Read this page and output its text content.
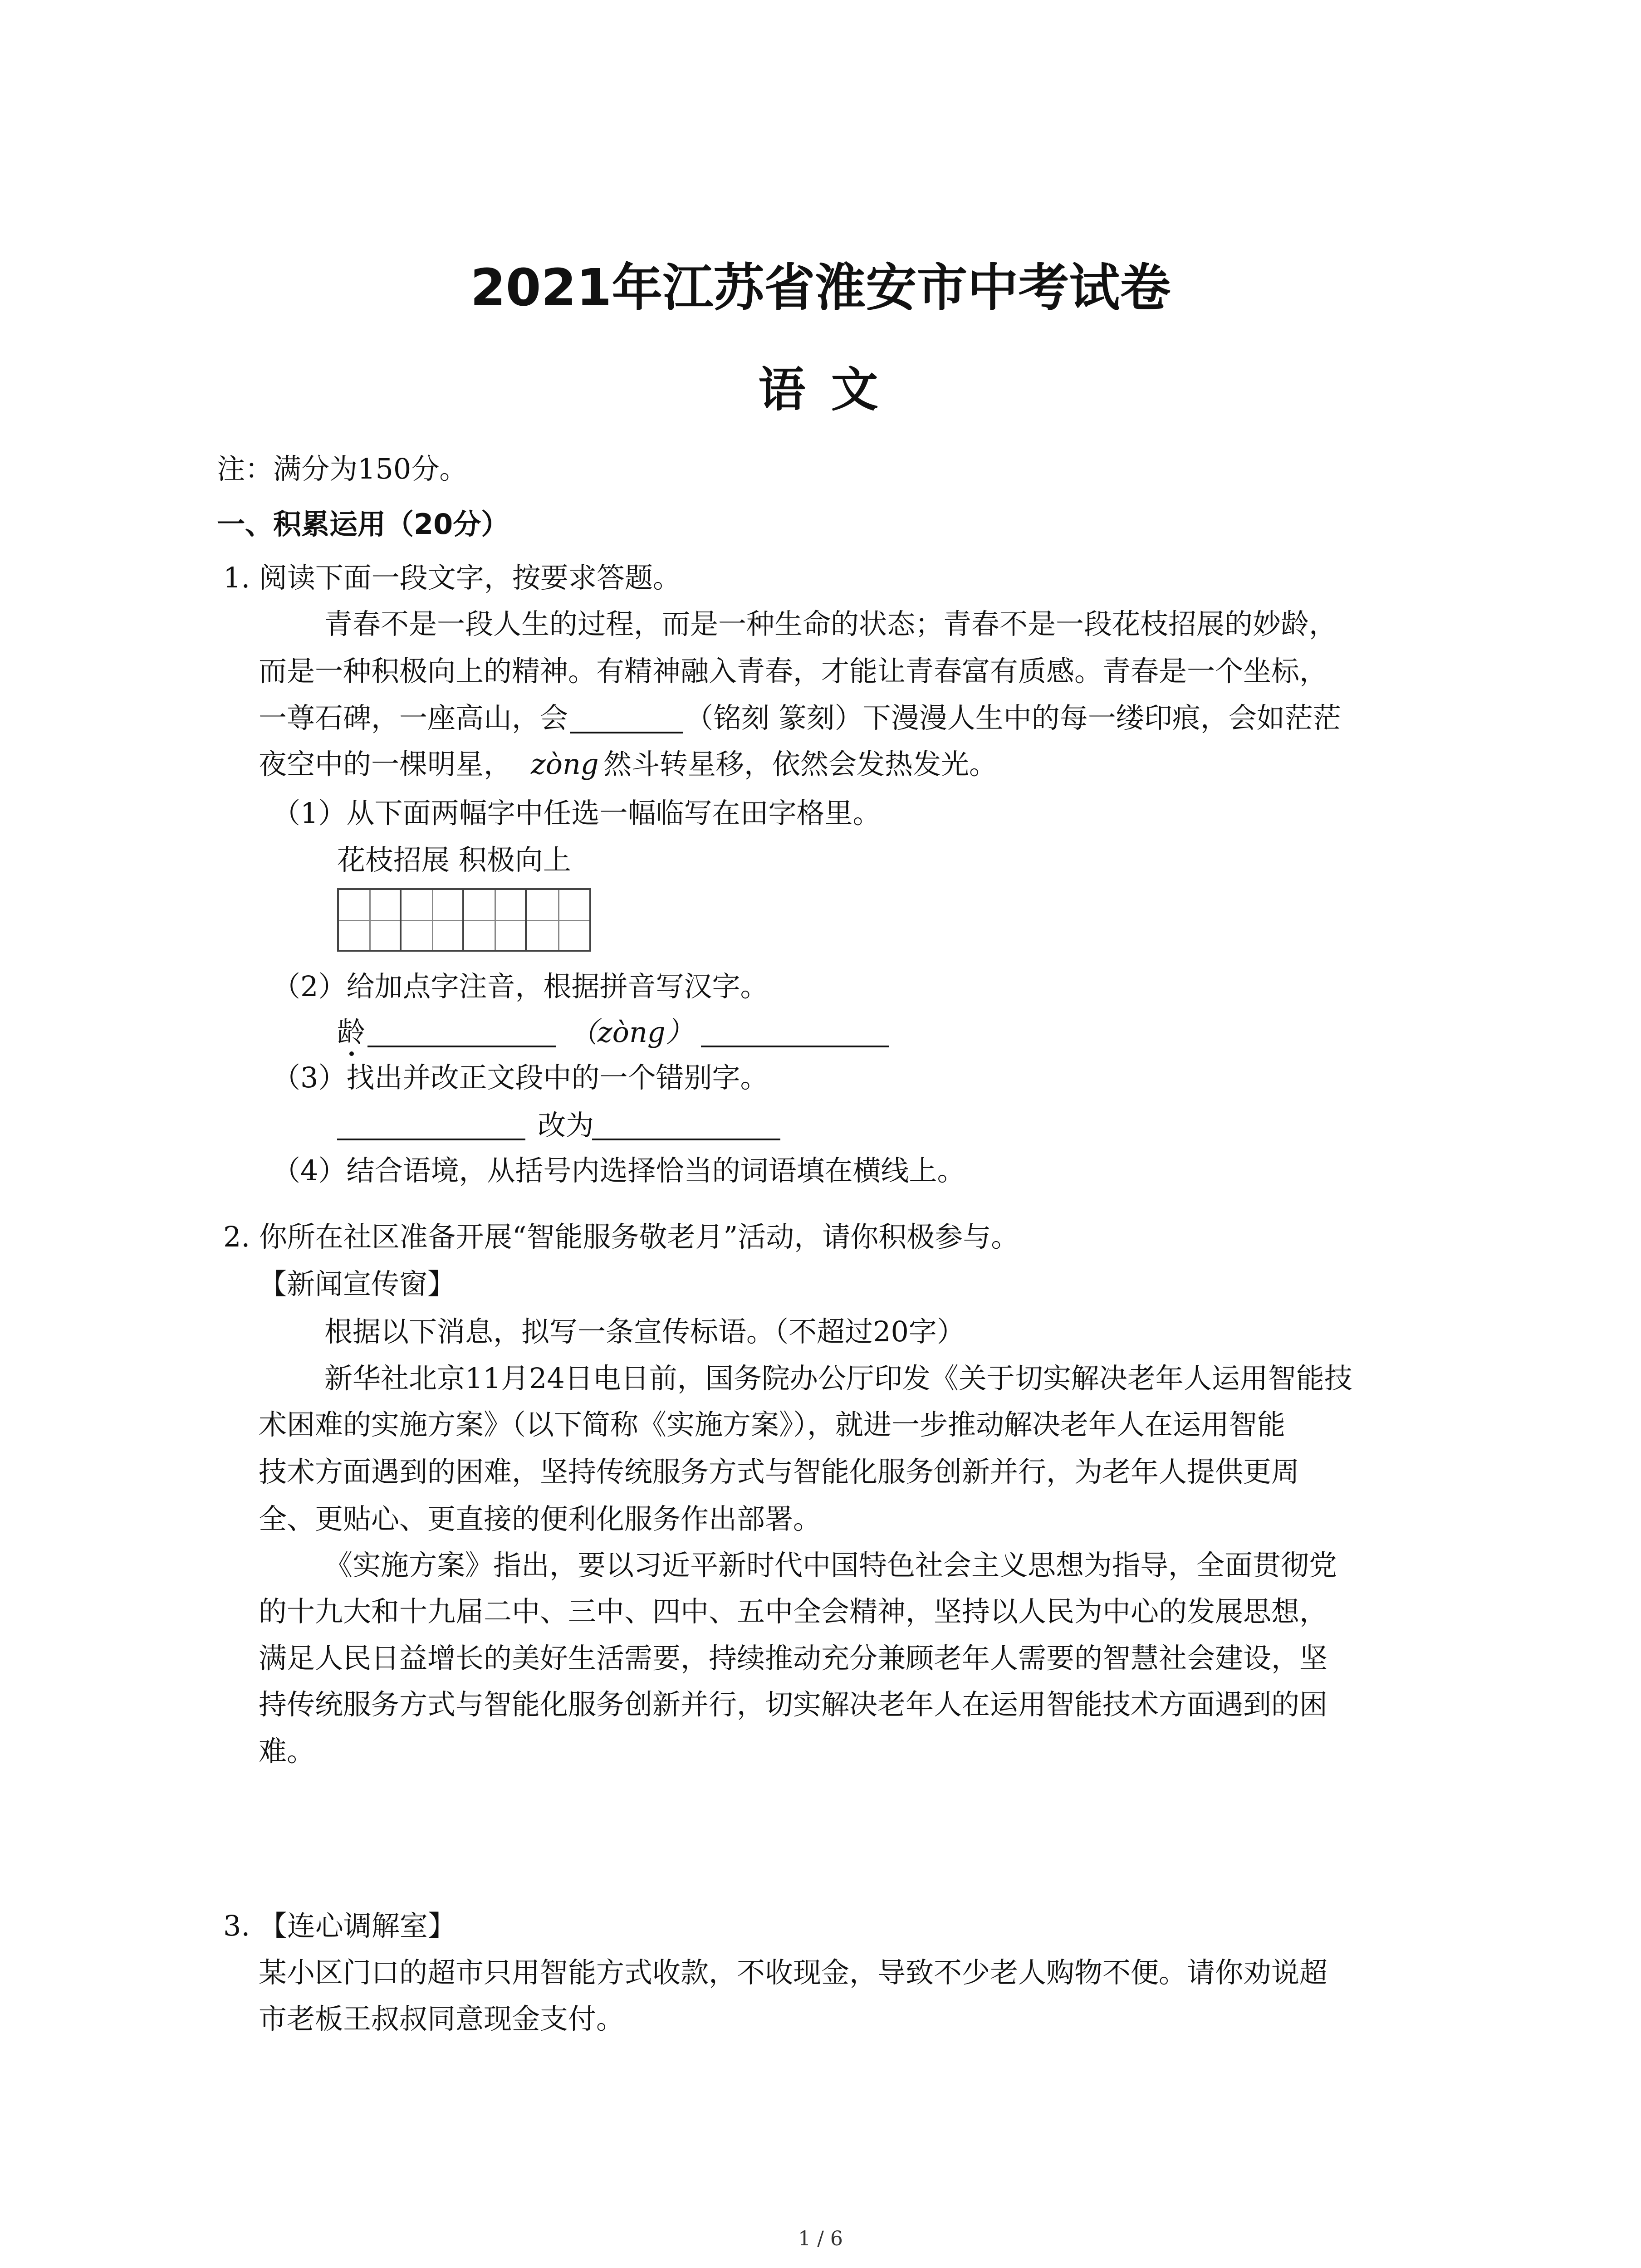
2021年江苏省淮安市中考试卷
语 文
注：满分为150分。
一、积累运用（20分）
1. 阅读下面一段文字，按要求答题。
青春不是一段人生的过程，而是一种生命的状态；青春不是一段花枝招展的妙龄，
而是一种积极向上的精神。有精神融入青春，才能让青春富有质感。青春是一个坐标，
一尊石碑，一座高山，会	（铭刻 篆刻）下漫漫人生中的每一缕印痕，会如茫茫
夜空中的一棵明星， zòng 然斗转星移，依然会发热发光。
（1）从下面两幅字中任选一幅临写在田字格里。
花枝招展 积极向上
（2）给加点字注音，根据拼音写汉字。
龄	（zòng）
（3）找出并改正文段中的一个错别字。
改为
（4）结合语境，从括号内选择恰当的词语填在横线上。
2. 你所在社区准备开展“智能服务敬老月”活动，请你积极参与。
【新闻宣传窗】
根据以下消息，拟写一条宣传标语。（不超过20字）
新华社北京11月24日电日前，国务院办公厅印发《关于切实解决老年人运用智能技
术困难的实施方案》（以下简称《实施方案》），就进一步推动解决老年人在运用智能
技术方面遇到的困难，坚持传统服务方式与智能化服务创新并行，为老年人提供更周
全、更贴心、更直接的便利化服务作出部署。
《实施方案》指出，要以习近平新时代中国特色社会主义思想为指导，全面贯彻党
的十九大和十九届二中、三中、四中、五中全会精神，坚持以人民为中心的发展思想，
满足人民日益增长的美好生活需要，持续推动充分兼顾老年人需要的智慧社会建设，坚
持传统服务方式与智能化服务创新并行，切实解决老年人在运用智能技术方面遇到的困
难。
3. 【连心调解室】
某小区门口的超市只用智能方式收款，不收现金，导致不少老人购物不便。请你劝说超
市老板王叔叔同意现金支付。
1 / 6
